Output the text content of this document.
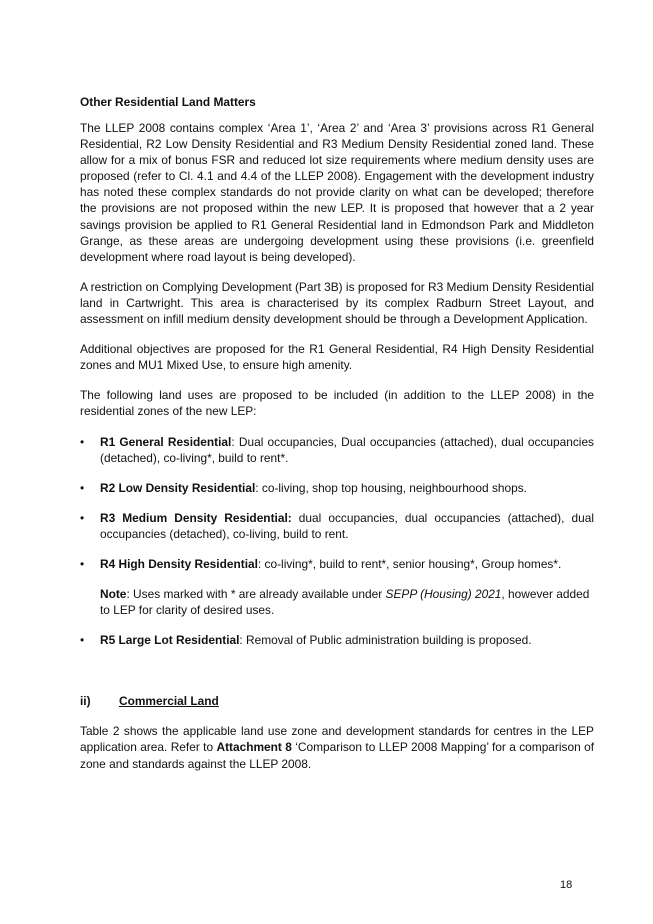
Other Residential Land Matters

The LLEP 2008 contains complex ‘Area 1’, ‘Area 2’ and ‘Area 3’ provisions across R1 General Residential, R2 Low Density Residential and R3 Medium Density Residential zoned land. These allow for a mix of bonus FSR and reduced lot size requirements where medium density uses are proposed (refer to Cl. 4.1 and 4.4 of the LLEP 2008). Engagement with the development industry has noted these complex standards do not provide clarity on what can be developed; therefore the provisions are not proposed within the new LEP. It is proposed that however that a 2 year savings provision be applied to R1 General Residential land in Edmondson Park and Middleton Grange, as these areas are undergoing development using these provisions (i.e. greenfield development where road layout is being developed).

A restriction on Complying Development (Part 3B) is proposed for R3 Medium Density Residential land in Cartwright. This area is characterised by its complex Radburn Street Layout, and assessment on infill medium density development should be through a Development Application.

Additional objectives are proposed for the R1 General Residential, R4 High Density Residential zones and MU1 Mixed Use, to ensure high amenity.

The following land uses are proposed to be included (in addition to the LLEP 2008) in the residential zones of the new LEP:

• R1 General Residential: Dual occupancies, Dual occupancies (attached), dual occupancies (detached), co-living*, build to rent*.
• R2 Low Density Residential: co-living, shop top housing, neighbourhood shops.
• R3 Medium Density Residential: dual occupancies, dual occupancies (attached), dual occupancies (detached), co-living, build to rent.
• R4 High Density Residential: co-living*, build to rent*, senior housing*, Group homes*.

Note: Uses marked with * are already available under SEPP (Housing) 2021, however added to LEP for clarity of desired uses.

• R5 Large Lot Residential: Removal of Public administration building is proposed.
ii)	Commercial Land

Table 2 shows the applicable land use zone and development standards for centres in the LEP application area. Refer to Attachment 8 ‘Comparison to LLEP 2008 Mapping’ for a comparison of zone and standards against the LLEP 2008.

18
